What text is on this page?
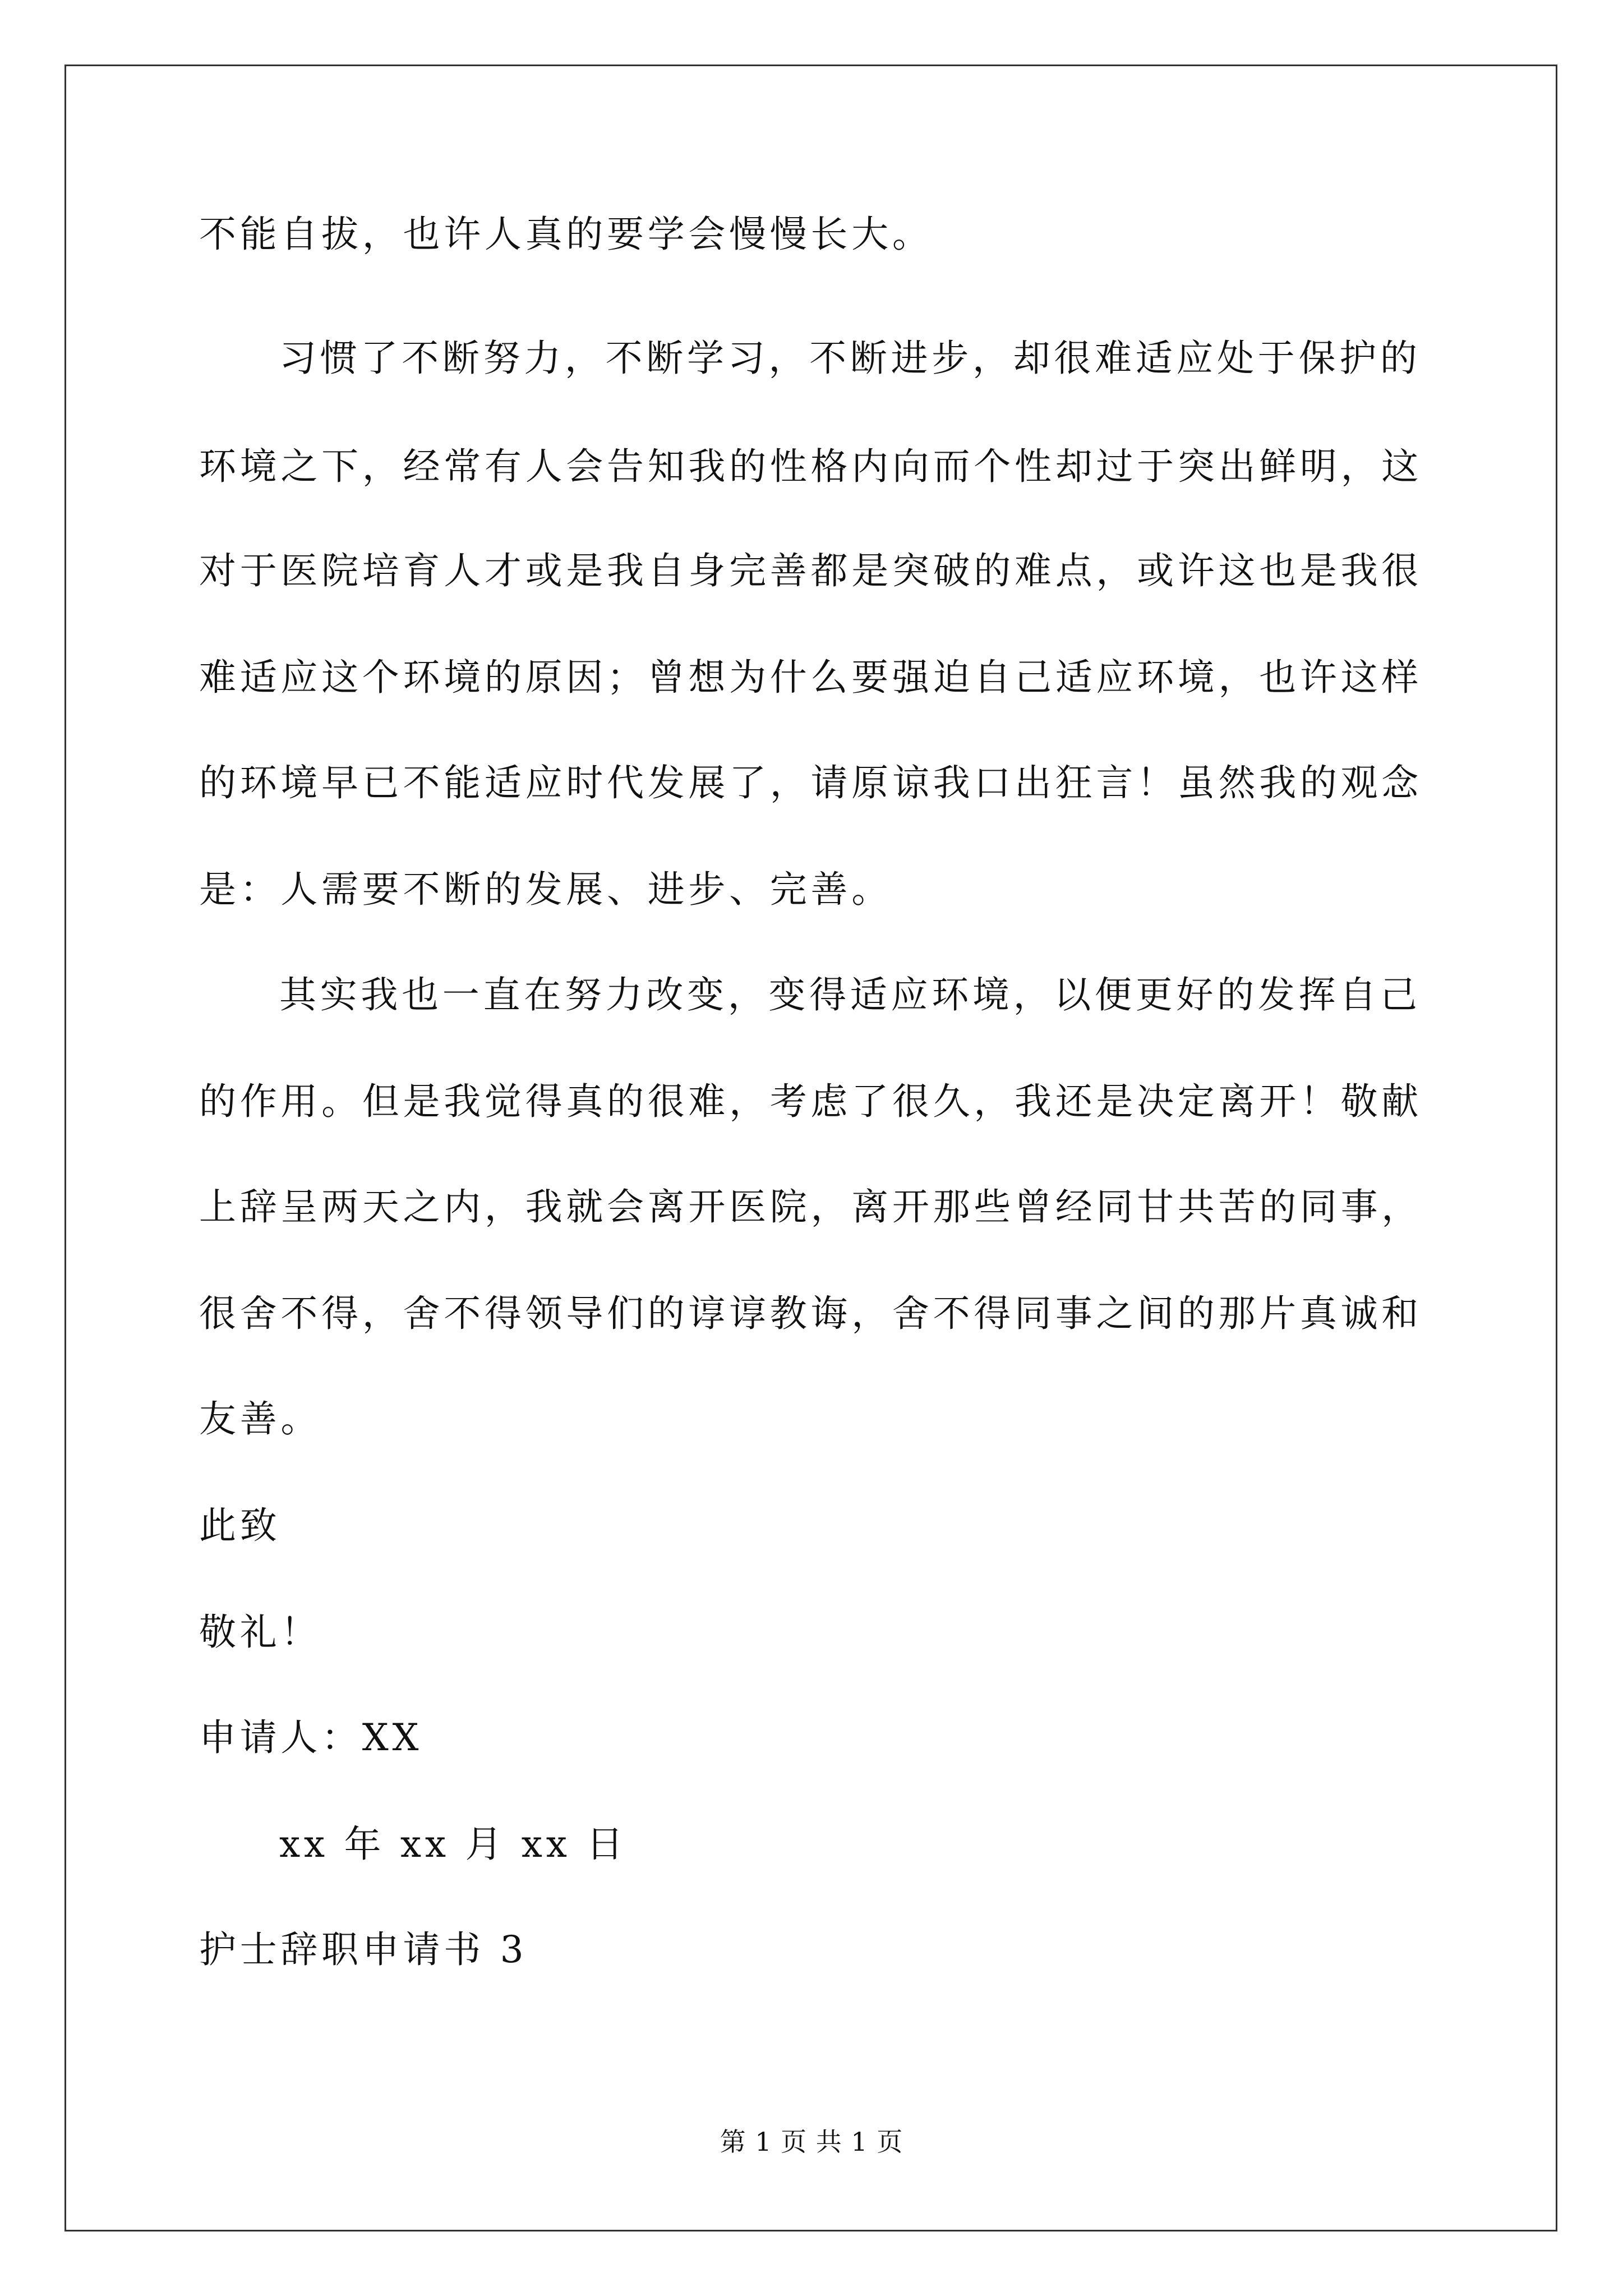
不能自拔，也许人真的要学会慢慢长大。
习惯了不断努力，不断学习，不断进步，却很难适应处于保护的
环境之下，经常有人会告知我的性格内向而个性却过于突出鲜明，这
对于医院培育人才或是我自身完善都是突破的难点，或许这也是我很
难适应这个环境的原因；曾想为什么要强迫自己适应环境，也许这样
的环境早已不能适应时代发展了，请原谅我口出狂言！虽然我的观念
是：人需要不断的发展、进步、完善。
其实我也一直在努力改变，变得适应环境，以便更好的发挥自己
的作用。但是我觉得真的很难，考虑了很久，我还是决定离开！敬献
上辞呈两天之内，我就会离开医院，离开那些曾经同甘共苦的同事，
很舍不得，舍不得领导们的谆谆教诲，舍不得同事之间的那片真诚和
友善。
此致
敬礼！
申请人：XX
xx 年 xx 月 xx 日
护士辞职申请书 3
第 1 页 共 1 页
